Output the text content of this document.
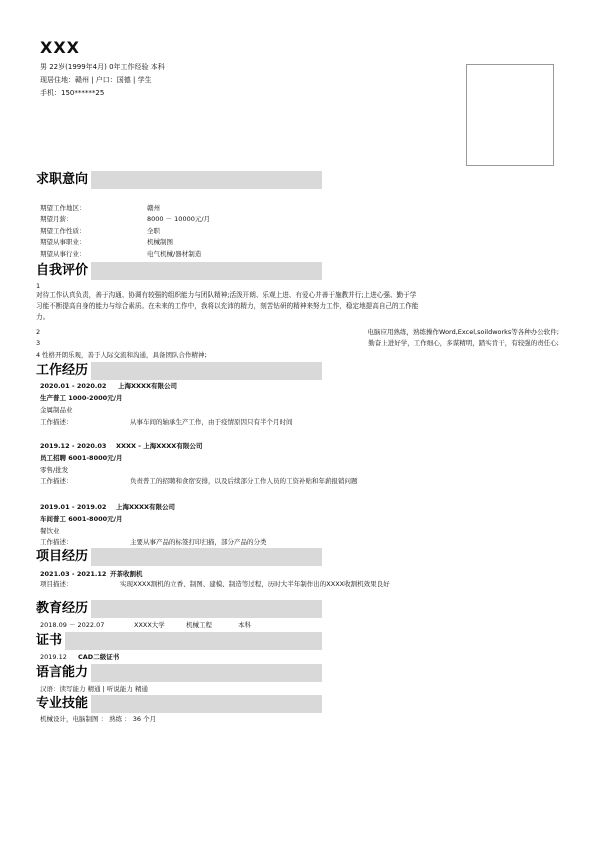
XXX
男 22岁(1999年4月) 0年工作经验 本科
现居住地：赣州 | 户口：国德 | 学生
手机：150******25
求职意向
期望工作地区：	赣州
期望月薪：	8000 － 10000元/月
期望工作性质：	全职
期望从事职业：	机械制图
期望从事行业：	电气机械/器材制造
自我评价
1
对待工作认真负责，善于沟通、协调有较强的组织能力与团队精神;活泼开朗、乐观上进、有爱心并善于施教并行;上进心强、勤于学
习能不断提高自身的能力与综合素质。在未来的工作中，我将以充沛的精力，刻苦钻研的精神来努力工作，稳定地提高自己的工作能
力。
2	电脑应用熟练，熟练操作Word,Excel,soildworks等各种办公软件;
3	勤奋上进好学，工作细心，多谋精明，踏实肯干，有较强的责任心;
4 性格开朗乐观，善于人际交流和沟通，具备团队合作精神;
工作经历
2020.01 - 2020.02 上海XXXX有限公司
生产普工 1000-2000元/月
金属制品业
工作描述：	从事车间的轴承生产工作，由于疫情原因只有半个月时间
2019.12 - 2020.03 XXXX - 上海XXXX有限公司
员工招聘 6001-8000元/月
零售/批发
工作描述：	负责普工的招聘和食宿安排，以及后续部分工作人员的工资补贴和年薪报销问题
2019.01 - 2019.02 上海XXXX有限公司
车间普工 6001-8000元/月
餐饮业
工作描述：	主要从事产品的标签打印扫描，部分产品的分类
项目经历
2021.03 - 2021.12 开茶收割机
项目描述：	实现XXXX割机的立香、制图、建模、制造等过程，历时大半年制作出的XXXX收割机效果良好
教育经历
2018.09 － 2022.07	XXXX大学	机械工程	本科
证书
2019.12 CAD二级证书
语言能力
汉语：读写能力 精通 | 听说能力 精通
专业技能
机械设计，电脑制图 ： 熟练 ： 36 个月
